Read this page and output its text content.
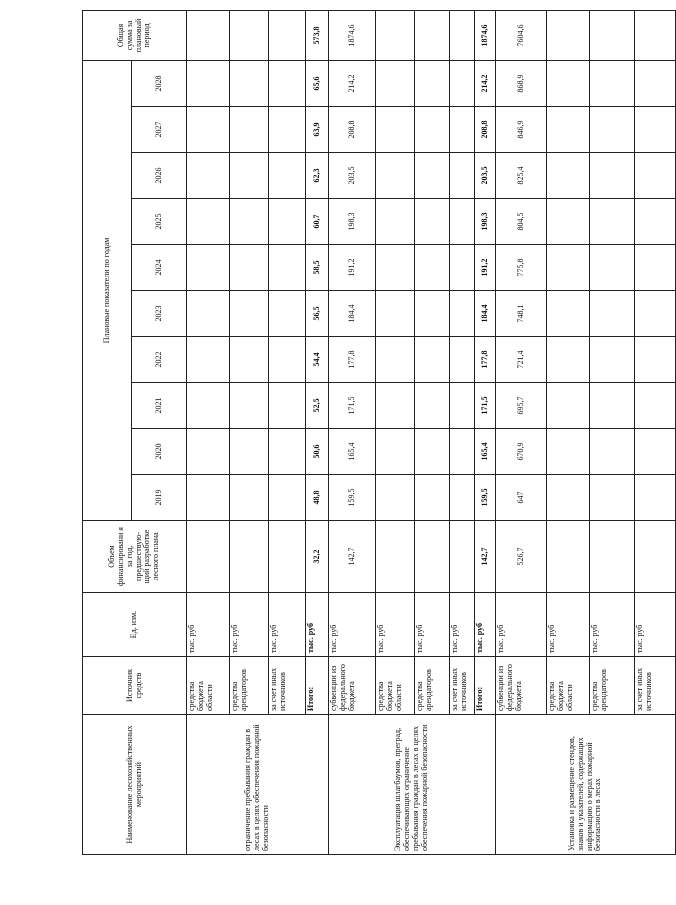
Наименование лесохозяйственных мероприятий	Источник средств	Ед. изм.	Объем финансировани я за год, предшествую- щий разработке лесного плана	Плановые показатели по годам										Общая сумма за плановый период
				2019	2020	2021	2022	2023	2024	2025	2026	2027	2028	
отраничение пребывания граждан в лесах в целях обеспечения пожарной безопасности	средства бюджета области	тыс. руб												
	средства арендаторов	тыс. руб												
	за счет иных источников	тыс. руб												
	Итого:	тыс. руб	32,2	48,8	50,6	52,5	54,4	56,5	58,5	60,7	62,3	63,9	65,6	573,8
Эксплуатация шлагбаумов, преград, обеспечивающих ограничение пребывания граждан в лесах в целях обеспечения пожарной безопасности	субвенции из федерального бюджета	тыс. руб	142,7	159,5	165,4	171,5	177,8	184,4	191,2	198,3	203,5	208,8	214,2	1874,6
	средства бюджета области	тыс. руб												
	средства арендаторов	тыс. руб												
	за счет иных источников	тыс. руб												
	Итого:	тыс. руб	142,7	159,5	165,4	171,5	177,8	184,4	191,2	198,3	203,5	208,8	214,2	1874,6
Установка и размещение стендов, знаков и указателей, содержащих информацию о мерах пожарной безопасности в лесах	субвенции из федерального бюджета	тыс. руб	526,7	647	670,9	695,7	721,4	748,1	775,8	804,5	825,4	846,9	868,9	7604,6
	средства бюджета области	тыс. руб												
	средства арендаторов	тыс. руб												
	за счет иных источников	тыс. руб												
